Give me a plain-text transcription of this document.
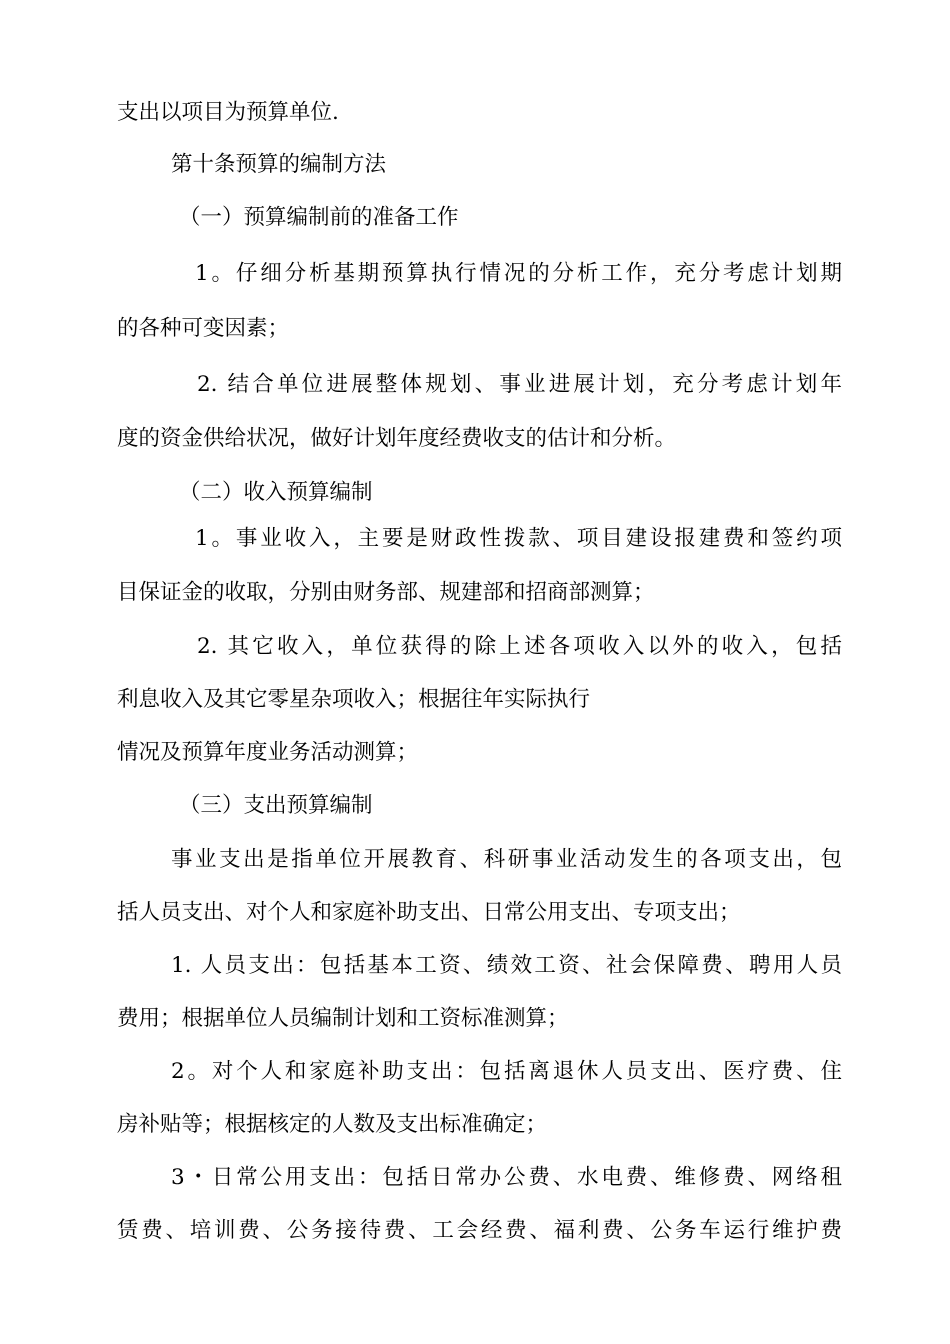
支出以项目为预算单位.
第十条预算的编制方法
（一）预算编制前的准备工作
1。仔细分析基期预算执行情况的分析工作，充分考虑计划期
的各种可变因素；
2. 结合单位进展整体规划、事业进展计划，充分考虑计划年
度的资金供给状况，做好计划年度经费收支的估计和分析。
（二）收入预算编制
1。事业收入，主要是财政性拨款、项目建设报建费和签约项
目保证金的收取，分别由财务部、规建部和招商部测算；
2. 其它收入，单位获得的除上述各项收入以外的收入，包括
利息收入及其它零星杂项收入；根据往年实际执行
情况及预算年度业务活动测算；
（三）支出预算编制
事业支出是指单位开展教育、科研事业活动发生的各项支出，包
括人员支出、对个人和家庭补助支出、日常公用支出、专项支出；
1. 人员支出：包括基本工资、绩效工资、社会保障费、聘用人员
费用；根据单位人员编制计划和工资标准测算；
2。对个人和家庭补助支出：包括离退休人员支出、医疗费、住
房补贴等；根据核定的人数及支出标准确定；
3・日常公用支出：包括日常办公费、水电费、维修费、网络租
赁费、培训费、公务接待费、工会经费、福利费、公务车运行维护费
